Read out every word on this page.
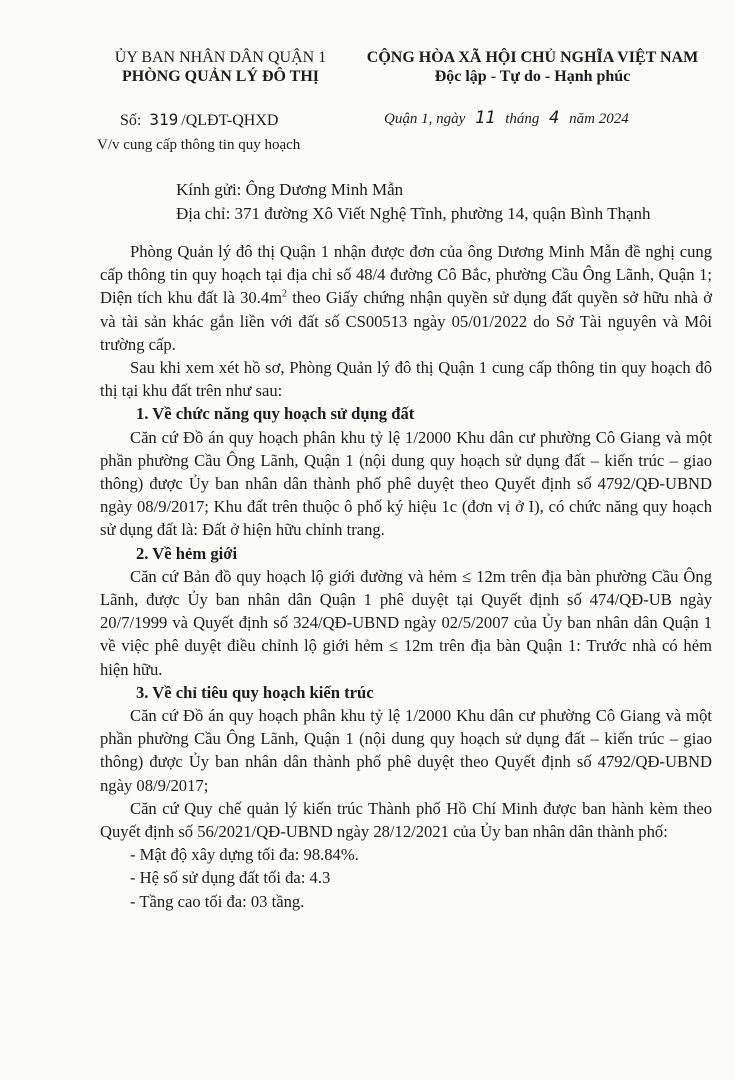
ỦY BAN NHÂN DÂN QUẬN 1
PHÒNG QUẢN LÝ ĐÔ THỊ
CỘNG HÒA XÃ HỘI CHỦ NGHĨA VIỆT NAM
Độc lập - Tự do - Hạnh phúc
Số: 319 /QLĐT-QHXD
V/v cung cấp thông tin quy hoạch
Quận 1, ngày 11 tháng 4 năm 2024
Kính gửi: Ông Dương Minh Mẫn
Địa chỉ: 371 đường Xô Viết Nghệ Tĩnh, phường 14, quận Bình Thạnh

Phòng Quản lý đô thị Quận 1 nhận được đơn của ông Dương Minh Mẫn đề nghị cung cấp thông tin quy hoạch tại địa chỉ số 48/4 đường Cô Bắc, phường Cầu Ông Lãnh, Quận 1; Diện tích khu đất là $30.4m^2$ theo Giấy chứng nhận quyền sử dụng đất quyền sở hữu nhà ở và tài sản khác gắn liền với đất số CS00513 ngày 05/01/2022 do Sở Tài nguyên và Môi trường cấp.

Sau khi xem xét hồ sơ, Phòng Quản lý đô thị Quận 1 cung cấp thông tin quy hoạch đô thị tại khu đất trên như sau:

1. Về chức năng quy hoạch sử dụng đất

Căn cứ Đồ án quy hoạch phân khu tỷ lệ 1/2000 Khu dân cư phường Cô Giang và một phần phường Cầu Ông Lãnh, Quận 1 (nội dung quy hoạch sử dụng đất – kiến trúc – giao thông) được Ủy ban nhân dân thành phố phê duyệt theo Quyết định số 4792/QĐ-UBND ngày 08/9/2017; Khu đất trên thuộc ô phố ký hiệu 1c (đơn vị ở I), có chức năng quy hoạch sử dụng đất là: Đất ở hiện hữu chỉnh trang.

2. Về hẻm giới

Căn cứ Bản đồ quy hoạch lộ giới đường và hẻm ≤ 12m trên địa bàn phường Cầu Ông Lãnh, được Ủy ban nhân dân Quận 1 phê duyệt tại Quyết định số 474/QĐ-UB ngày 20/7/1999 và Quyết định số 324/QĐ-UBND ngày 02/5/2007 của Ủy ban nhân dân Quận 1 về việc phê duyệt điều chỉnh lộ giới hẻm ≤ 12m trên địa bàn Quận 1: Trước nhà có hẻm hiện hữu.

3. Về chỉ tiêu quy hoạch kiến trúc

Căn cứ Đồ án quy hoạch phân khu tỷ lệ 1/2000 Khu dân cư phường Cô Giang và một phần phường Cầu Ông Lãnh, Quận 1 (nội dung quy hoạch sử dụng đất – kiến trúc – giao thông) được Ủy ban nhân dân thành phố phê duyệt theo Quyết định số 4792/QĐ-UBND ngày 08/9/2017;

Căn cứ Quy chế quản lý kiến trúc Thành phố Hồ Chí Minh được ban hành kèm theo Quyết định số 56/2021/QĐ-UBND ngày 28/12/2021 của Ủy ban nhân dân thành phố:

- Mật độ xây dựng tối đa: 98.84%.

- Hệ số sử dụng đất tối đa: 4.3

- Tầng cao tối đa: 03 tầng.
